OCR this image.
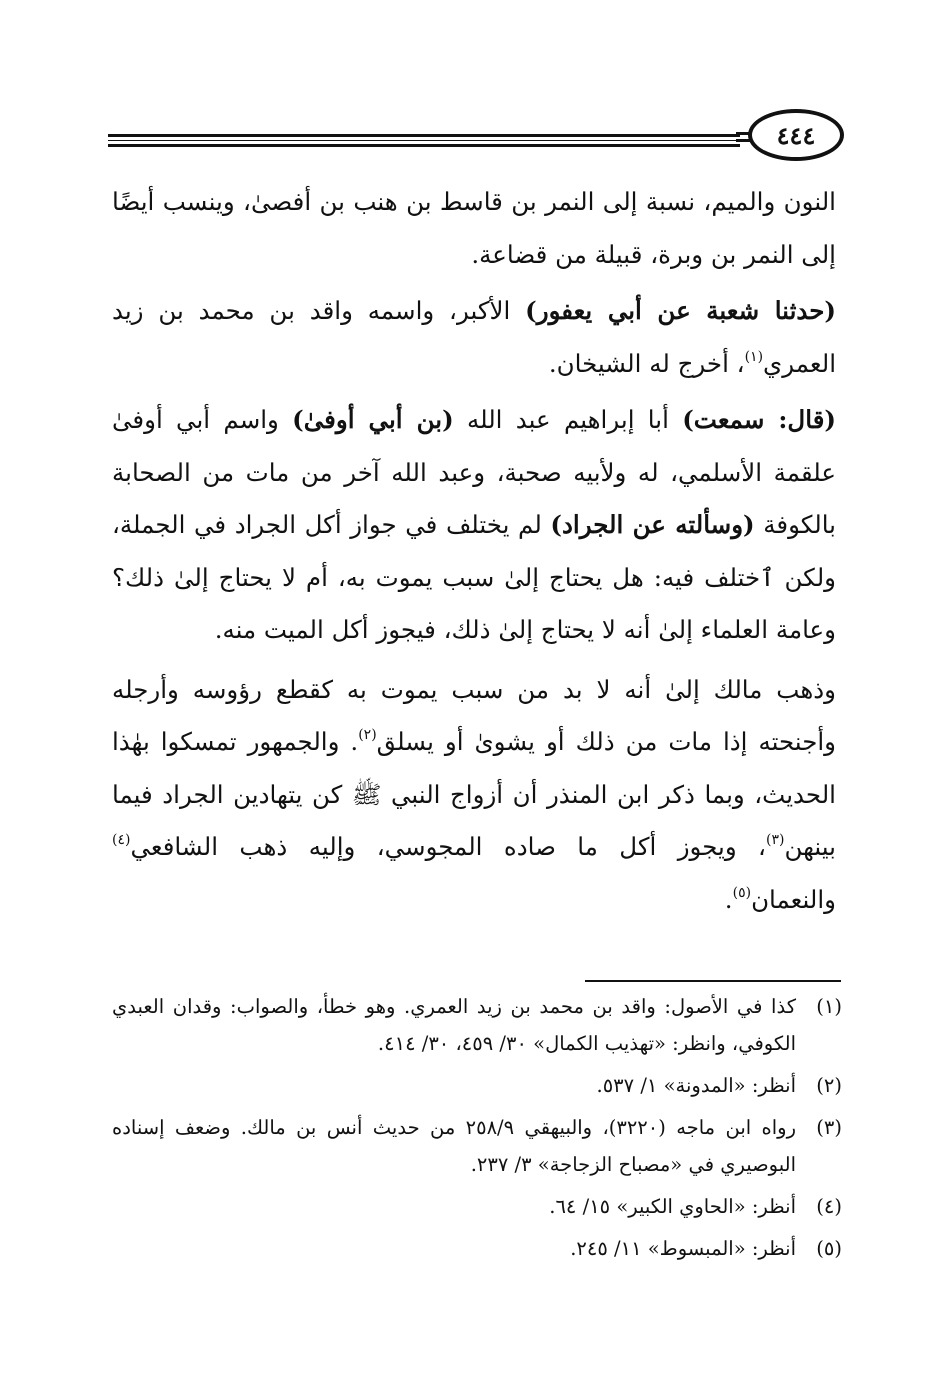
٤٤٤

النون والميم، نسبة إلى النمر بن قاسط بن هنب بن أفصىٰ، وينسب أيضًا إلى النمر بن وبرة، قبيلة من قضاعة.

(حدثنا شعبة عن أبي يعفور) الأكبر، واسمه واقد بن محمد بن زيد العمري$^{(١)}$، أخرج له الشيخان.

(قال: سمعت) أبا إبراهيم عبد الله (بن أبي أوفىٰ) واسم أبي أوفىٰ علقمة الأسلمي، له ولأبيه صحبة، وعبد الله آخر من مات من الصحابة بالكوفة (وسألته عن الجراد) لم يختلف في جواز أكل الجراد في الجملة، ولكن ٱختلف فيه: هل يحتاج إلىٰ سبب يموت به، أم لا يحتاج إلىٰ ذلك؟ وعامة العلماء إلىٰ أنه لا يحتاج إلىٰ ذلك، فيجوز أكل الميت منه.

وذهب مالك إلىٰ أنه لا بد من سبب يموت به كقطع رؤوسه وأرجله وأجنحته إذا مات من ذلك أو يشوىٰ أو يسلق$^{(٢)}$. والجمهور تمسكوا بهٰذا الحديث، وبما ذكر ابن المنذر أن أزواج النبي ﷺ كن يتهادين الجراد فيما بينهن$^{(٣)}$، ويجوز أكل ما صاده المجوسي، وإليه ذهب الشافعي$^{(٤)}$ والنعمان$^{(٥)}$.

(١)
كذا في الأصول: واقد بن محمد بن زيد العمري. وهو خطأ، والصواب: وقدان العبدي الكوفي، وانظر: «تهذيب الكمال» ٣٠/ ٤٥٩، ٣٠/ ٤١٤.
(٢)
أنظر: «المدونة» ١/ ٥٣٧.
(٣)
رواه ابن ماجه (٣٢٢٠)، والبيهقي ٢٥٨/٩ من حديث أنس بن مالك. وضعف إسناده البوصيري في «مصباح الزجاجة» ٣/ ٢٣٧.
(٤)
أنظر: «الحاوي الكبير» ١٥/ ٦٤.
(٥)
أنظر: «المبسوط» ١١/ ٢٤٥.
